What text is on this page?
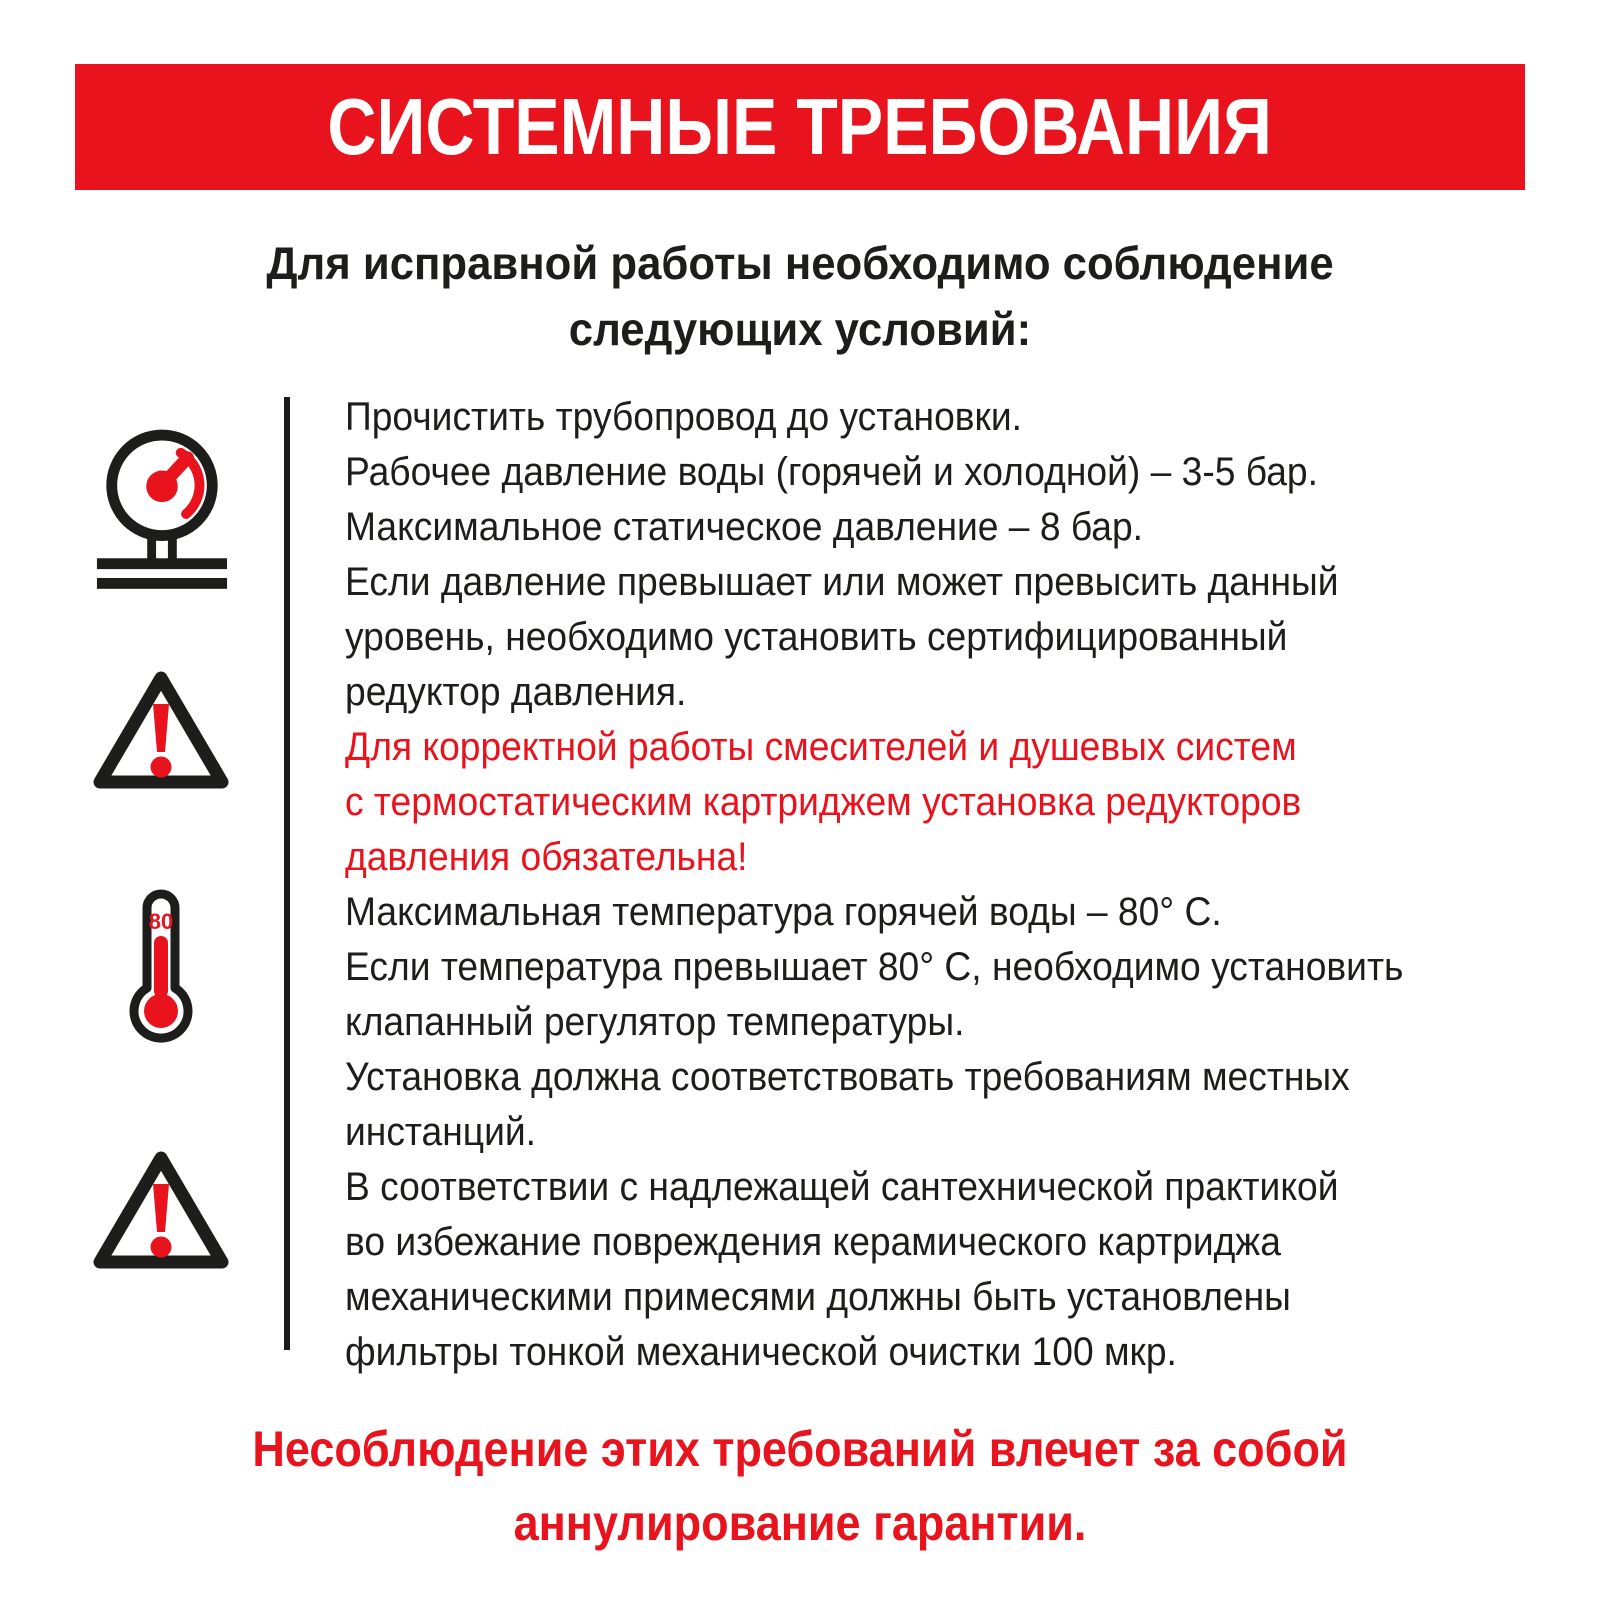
СИСТЕМНЫЕ ТРЕБОВАНИЯ
Для исправной работы необходимо соблюдение
следующих условий:
80

Прочистить трубопровод до установки.

Рабочее давление воды (горячей и холодной) – 3-5 бар.

Максимальное статическое давление – 8 бар.

Если давление превышает или может превысить данный

уровень, необходимо установить сертифицированный

редуктор давления.

Для корректной работы смесителей и душевых систем

с термостатическим картриджем установка редукторов

давления обязательна!

Максимальная температура горячей воды – 80° C.

Если температура превышает 80° C, необходимо установить

клапанный регулятор температуры.

Установка должна соответствовать требованиям местных

инстанций.

В соответствии с надлежащей сантехнической практикой

во избежание повреждения керамического картриджа

механическими примесями должны быть установлены

фильтры тонкой механической очистки 100 мкр.

Несоблюдение этих требований влечет за собой
аннулирование гарантии.
